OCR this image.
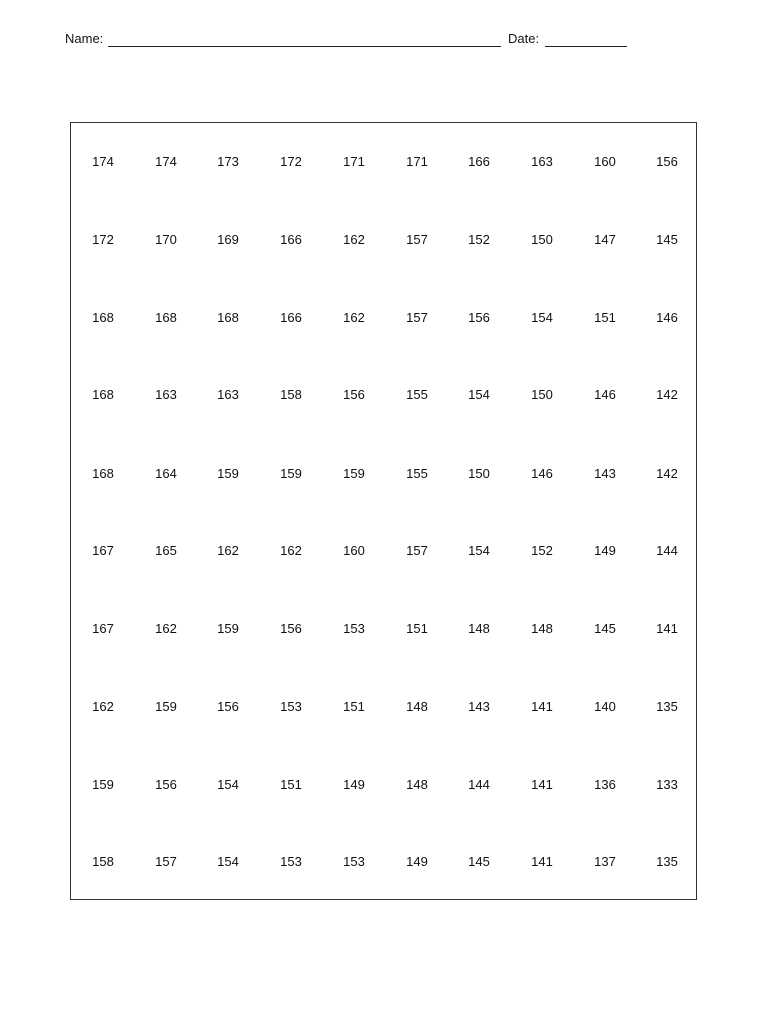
Name:	Date:
174	174	173	172	171	171	166	163	160	156
172	170	169	166	162	157	152	150	147	145
168	168	168	166	162	157	156	154	151	146
168	163	163	158	156	155	154	150	146	142
168	164	159	159	159	155	150	146	143	142
167	165	162	162	160	157	154	152	149	144
167	162	159	156	153	151	148	148	145	141
162	159	156	153	151	148	143	141	140	135
159	156	154	151	149	148	144	141	136	133
158	157	154	153	153	149	145	141	137	135
